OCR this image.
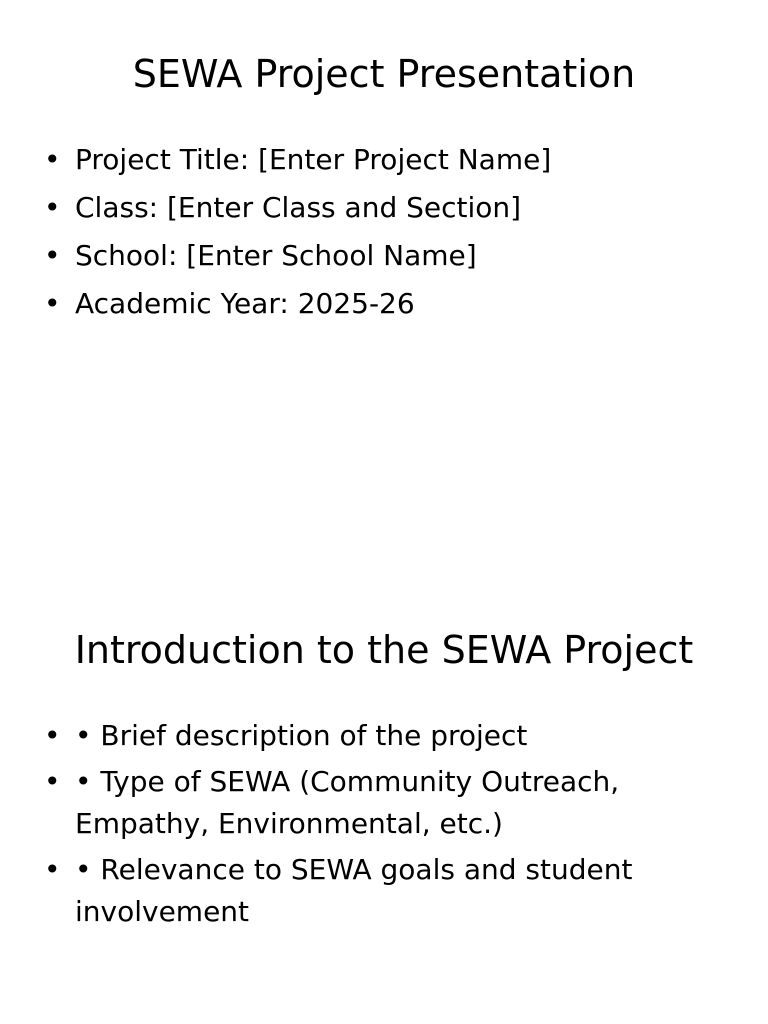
SEWA Project Presentation
• Project Title: [Enter Project Name]
• Class: [Enter Class and Section]
• School: [Enter School Name]
• Academic Year: 2025-26
Introduction to the SEWA Project
• • Brief description of the project
• • Type of SEWA (Community Outreach, Empathy, Environmental, etc.)
• • Relevance to SEWA goals and student involvement
